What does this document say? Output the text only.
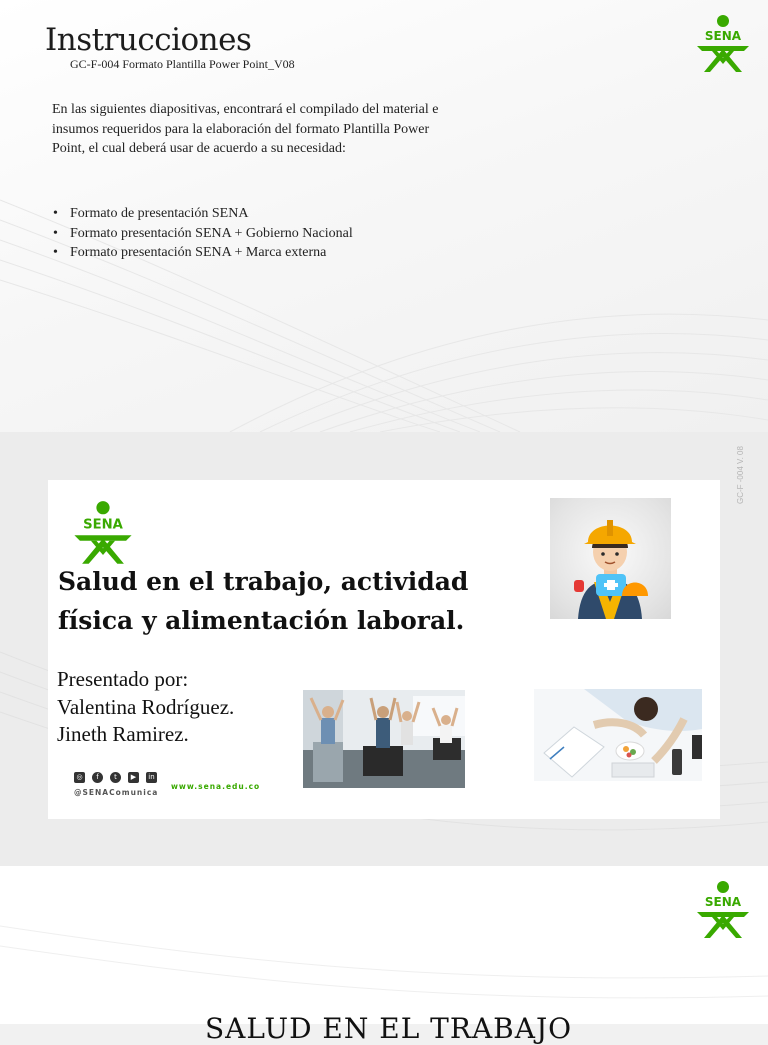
Instrucciones
GC-F-004 Formato Plantilla Power Point_V08
En las siguientes diapositivas, encontrará el compilado del material e insumos requeridos para la elaboración del formato Plantilla Power Point, el cual deberá usar de acuerdo a su necesidad:
• Formato de presentación SENA
• Formato presentación SENA + Gobierno Nacional
• Formato presentación SENA + Marca externa
SENA
GC-F -004 V. 08
SENA
Salud en el trabajo, actividad física y alimentación laboral.
Presentado por:
Valentina Rodríguez.
Jineth Ramirez.
◎	f	t	▶	in
@SENAComunica
www.sena.edu.co
SENA
SALUD EN EL TRABAJO
